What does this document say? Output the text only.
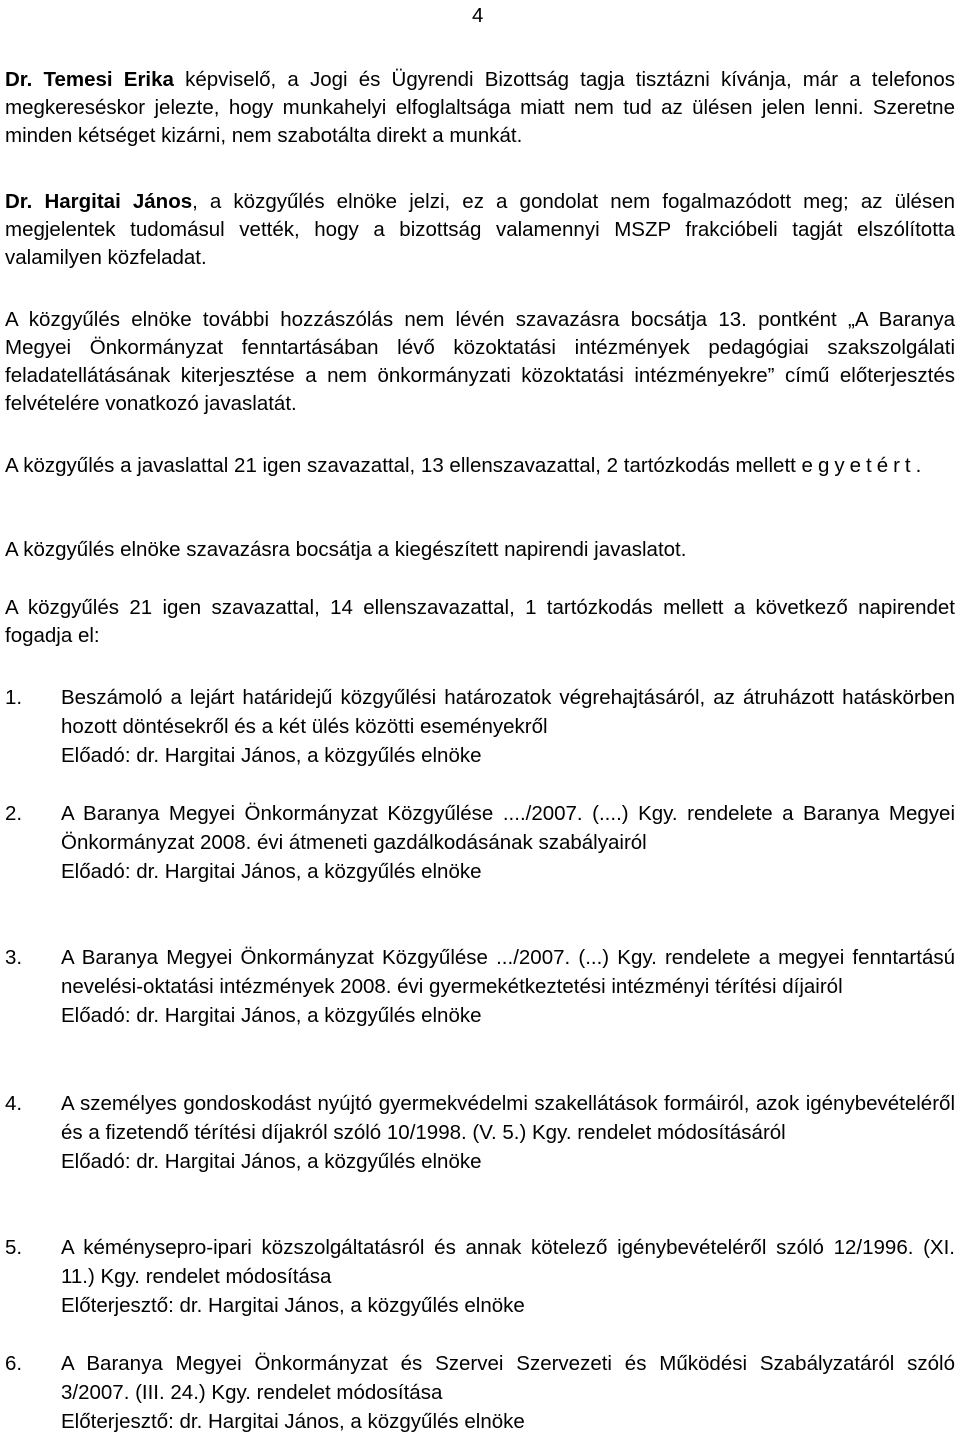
4

Dr. Temesi Erika képviselő, a Jogi és Ügyrendi Bizottság tagja tisztázni kívánja, már a telefonos megkereséskor jelezte, hogy munkahelyi elfoglaltsága miatt nem tud az ülésen jelen lenni. Szeretne minden kétséget kizárni, nem szabotálta direkt a munkát.

Dr. Hargitai János, a közgyűlés elnöke jelzi, ez a gondolat nem fogalmazódott meg; az ülésen megjelentek tudomásul vették, hogy a bizottság valamennyi MSZP frakcióbeli tagját elszólította valamilyen közfeladat.

A közgyűlés elnöke további hozzászólás nem lévén szavazásra bocsátja 13. pontként „A Baranya Megyei Önkormányzat fenntartásában lévő közoktatási intézmények pedagógiai szakszolgálati feladatellátásának kiterjesztése a nem önkormányzati közoktatási intézményekre” című előterjesztés felvételére vonatkozó javaslatát.

A közgyűlés a javaslattal 21 igen szavazattal, 13 ellenszavazattal, 2 tartózkodás mellett egyetért.

A közgyűlés elnöke szavazásra bocsátja a kiegészített napirendi javaslatot.

A közgyűlés 21 igen szavazattal, 14 ellenszavazattal, 1 tartózkodás mellett a következő napirendet fogadja el:

1.	Beszámoló a lejárt határidejű közgyűlési határozatok végrehajtásáról, az átruházott hatáskörben hozott döntésekről és a két ülés közötti eseményekről

Előadó: dr. Hargitai János, a közgyűlés elnöke

2.	A Baranya Megyei Önkormányzat Közgyűlése ..../2007. (....) Kgy. rendelete a Baranya Megyei Önkormányzat 2008. évi átmeneti gazdálkodásának szabályairól

Előadó: dr. Hargitai János, a közgyűlés elnöke

3.	A Baranya Megyei Önkormányzat Közgyűlése .../2007. (...) Kgy. rendelete a megyei fenntartású nevelési-oktatási intézmények 2008. évi gyermekétkeztetési intézményi térítési díjairól

Előadó: dr. Hargitai János, a közgyűlés elnöke

4.	A személyes gondoskodást nyújtó gyermekvédelmi szakellátások formáiról, azok igénybevételéről és a fizetendő térítési díjakról szóló 10/1998. (V. 5.) Kgy. rendelet módosításáról

Előadó: dr. Hargitai János, a közgyűlés elnöke

5.	A kéménysepro-ipari közszolgáltatásról és annak kötelező igénybevételéről szóló 12/1996. (XI. 11.) Kgy. rendelet módosítása

Előterjesztő: dr. Hargitai János, a közgyűlés elnöke

6.	A Baranya Megyei Önkormányzat és Szervei Szervezeti és Működési Szabályzatáról szóló 3/2007. (III. 24.) Kgy. rendelet módosítása

Előterjesztő: dr. Hargitai János, a közgyűlés elnöke
